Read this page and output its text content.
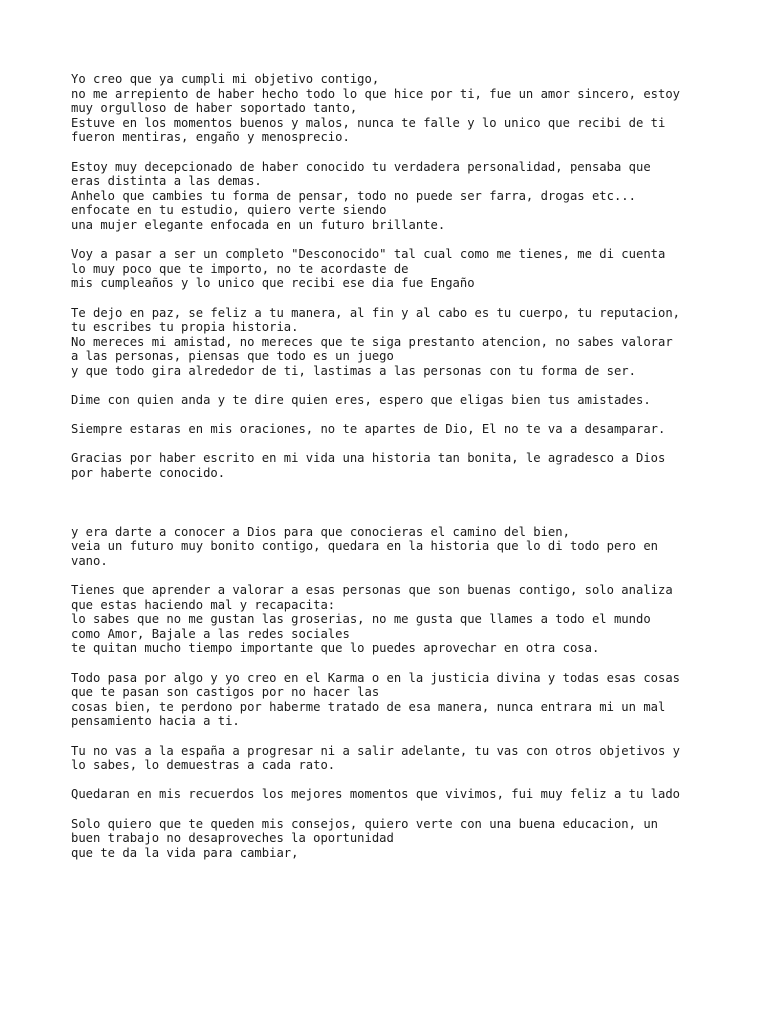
Yo creo que ya cumpli mi objetivo contigo,
no me arrepiento de haber hecho todo lo que hice por ti, fue un amor sincero, estoy
muy orgulloso de haber soportado tanto,
Estuve en los momentos buenos y malos, nunca te falle y lo unico que recibi de ti
fueron mentiras, engaño y menosprecio.
Estoy muy decepcionado de haber conocido tu verdadera personalidad, pensaba que
eras distinta a las demas.
Anhelo que cambies tu forma de pensar, todo no puede ser farra, drogas etc...
enfocate en tu estudio, quiero verte siendo
una mujer elegante enfocada en un futuro brillante.
Voy a pasar a ser un completo "Desconocido" tal cual como me tienes, me di cuenta
lo muy poco que te importo, no te acordaste de
mis cumpleaños y lo unico que recibi ese dia fue Engaño
Te dejo en paz, se feliz a tu manera, al fin y al cabo es tu cuerpo, tu reputacion,
tu escribes tu propia historia.
No mereces mi amistad, no mereces que te siga prestanto atencion, no sabes valorar
a las personas, piensas que todo es un juego
y que todo gira alrededor de ti, lastimas a las personas con tu forma de ser.
Dime con quien anda y te dire quien eres, espero que eligas bien tus amistades.
Siempre estaras en mis oraciones, no te apartes de Dio, El no te va a desamparar.
Gracias por haber escrito en mi vida una historia tan bonita, le agradesco a Dios
por haberte conocido.
y era darte a conocer a Dios para que conocieras el camino del bien,
veia un futuro muy bonito contigo, quedara en la historia que lo di todo pero en
vano.
Tienes que aprender a valorar a esas personas que son buenas contigo, solo analiza
que estas haciendo mal y recapacita:
lo sabes que no me gustan las groserias, no me gusta que llames a todo el mundo
como Amor, Bajale a las redes sociales
te quitan mucho tiempo importante que lo puedes aprovechar en otra cosa.
Todo pasa por algo y yo creo en el Karma o en la justicia divina y todas esas cosas
que te pasan son castigos por no hacer las
cosas bien, te perdono por haberme tratado de esa manera, nunca entrara mi un mal
pensamiento hacia a ti.
Tu no vas a la españa a progresar ni a salir adelante, tu vas con otros objetivos y
lo sabes, lo demuestras a cada rato.
Quedaran en mis recuerdos los mejores momentos que vivimos, fui muy feliz a tu lado
Solo quiero que te queden mis consejos, quiero verte con una buena educacion, un
buen trabajo no desaproveches la oportunidad
que te da la vida para cambiar,
